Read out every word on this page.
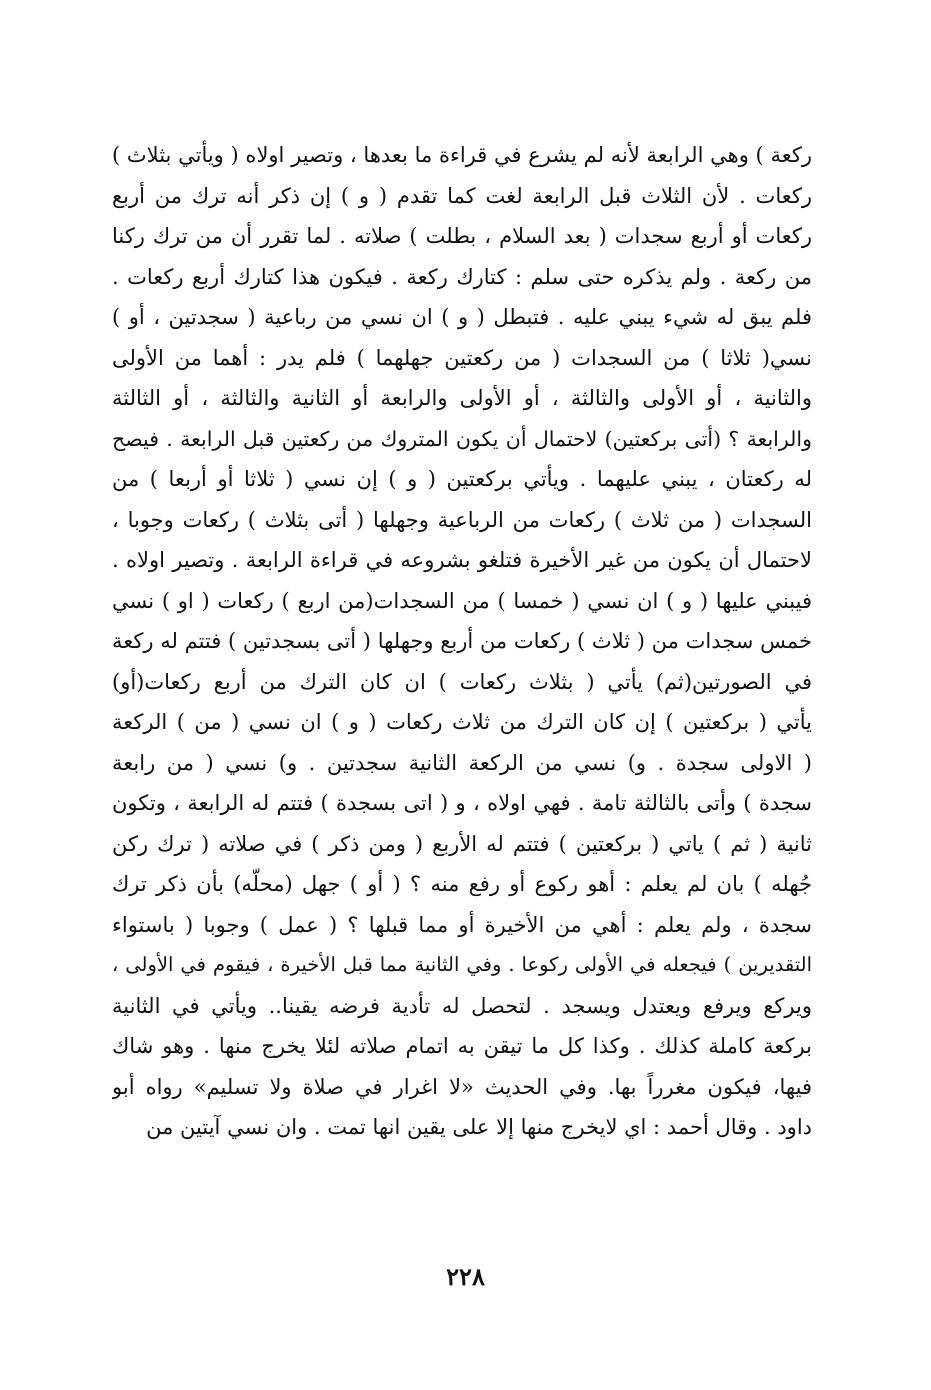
ركعة ) وهي الرابعة لأنه لم يشرع في قراءة ما بعدها ، وتصير اولاه ( ويأتي بثلاث )
ركعات . لأن الثلاث قبل الرابعة لغت كما تقدم ( و ) إن ذكر أنه ترك من أربع
ركعات أو أربع سجدات ( بعد السلام ، بطلت ) صلاته . لما تقرر أن من ترك ركنا
من ركعة . ولم يذكره حتى سلم : كتارك ركعة . فيكون هذا كتارك أربع ركعات .
فلم يبق له شيء يبني عليه . فتبطل ( و ) ان نسي من رباعية ( سجدتين ، أو )
نسي( ثلاثا ) من السجدات ( من ركعتين جهلهما ) فلم يدر : أهما من الأولى
والثانية ، أو الأولى والثالثة ، أو الأولى والرابعة أو الثانية والثالثة ، أو الثالثة
والرابعة ؟ (أتى بركعتين) لاحتمال أن يكون المتروك من ركعتين قبل الرابعة . فيصح
له ركعتان ، يبني عليهما . ويأتي بركعتين ( و ) إن نسي ( ثلاثا أو أربعا ) من
السجدات ( من ثلاث ) ركعات من الرباعية وجهلها ( أتى بثلاث ) ركعات وجوبا ،
لاحتمال أن يكون من غير الأخيرة فتلغو بشروعه في قراءة الرابعة . وتصير اولاه .
فيبني عليها ( و ) ان نسي ( خمسا ) من السجدات(من اربع ) ركعات ( او ) نسي
خمس سجدات من ( ثلاث ) ركعات من أربع وجهلها ( أتى بسجدتين ) فتتم له ركعة
في الصورتين(ثم) يأتي ( بثلاث ركعات ) ان كان الترك من أربع ركعات(أو)
يأتي ( بركعتين ) إن كان الترك من ثلاث ركعات ( و ) ان نسي ( من ) الركعة
( الاولى سجدة . و) نسي من الركعة الثانية سجدتين . و) نسي ( من رابعة
سجدة ) وأتى بالثالثة تامة . فهي اولاه ، و ( اتى بسجدة ) فتتم له الرابعة ، وتكون
ثانية ( ثم ) ياتي ( بركعتين ) فتتم له الأربع ( ومن ذكر ) في صلاته ( ترك ركن
جُهله ) بان لم يعلم : أهو ركوع أو رفع منه ؟ ( أو ) جهل (محلّه) بأن ذكر ترك
سجدة ، ولم يعلم : أهي من الأخيرة أو مما قبلها ؟ ( عمل ) وجوبا ( باستواء
التقديرين ) فيجعله في الأولى ركوعا . وفي الثانية مما قبل الأخيرة ، فيقوم في الأولى ،
ويركع ويرفع ويعتدل ويسجد . لتحصل له تأدية فرضه يقينا.. ويأتي في الثانية
بركعة كاملة كذلك . وكذا كل ما تيقن به اتمام صلاته لئلا يخرج منها . وهو شاك
فيها، فيكون مغرراً بها. وفي الحديث «لا اغرار في صلاة ولا تسليم» رواه أبو
داود . وقال أحمد : اي لايخرج منها إلا على يقين انها تمت . وان نسي آيتين من
٢٢٨
